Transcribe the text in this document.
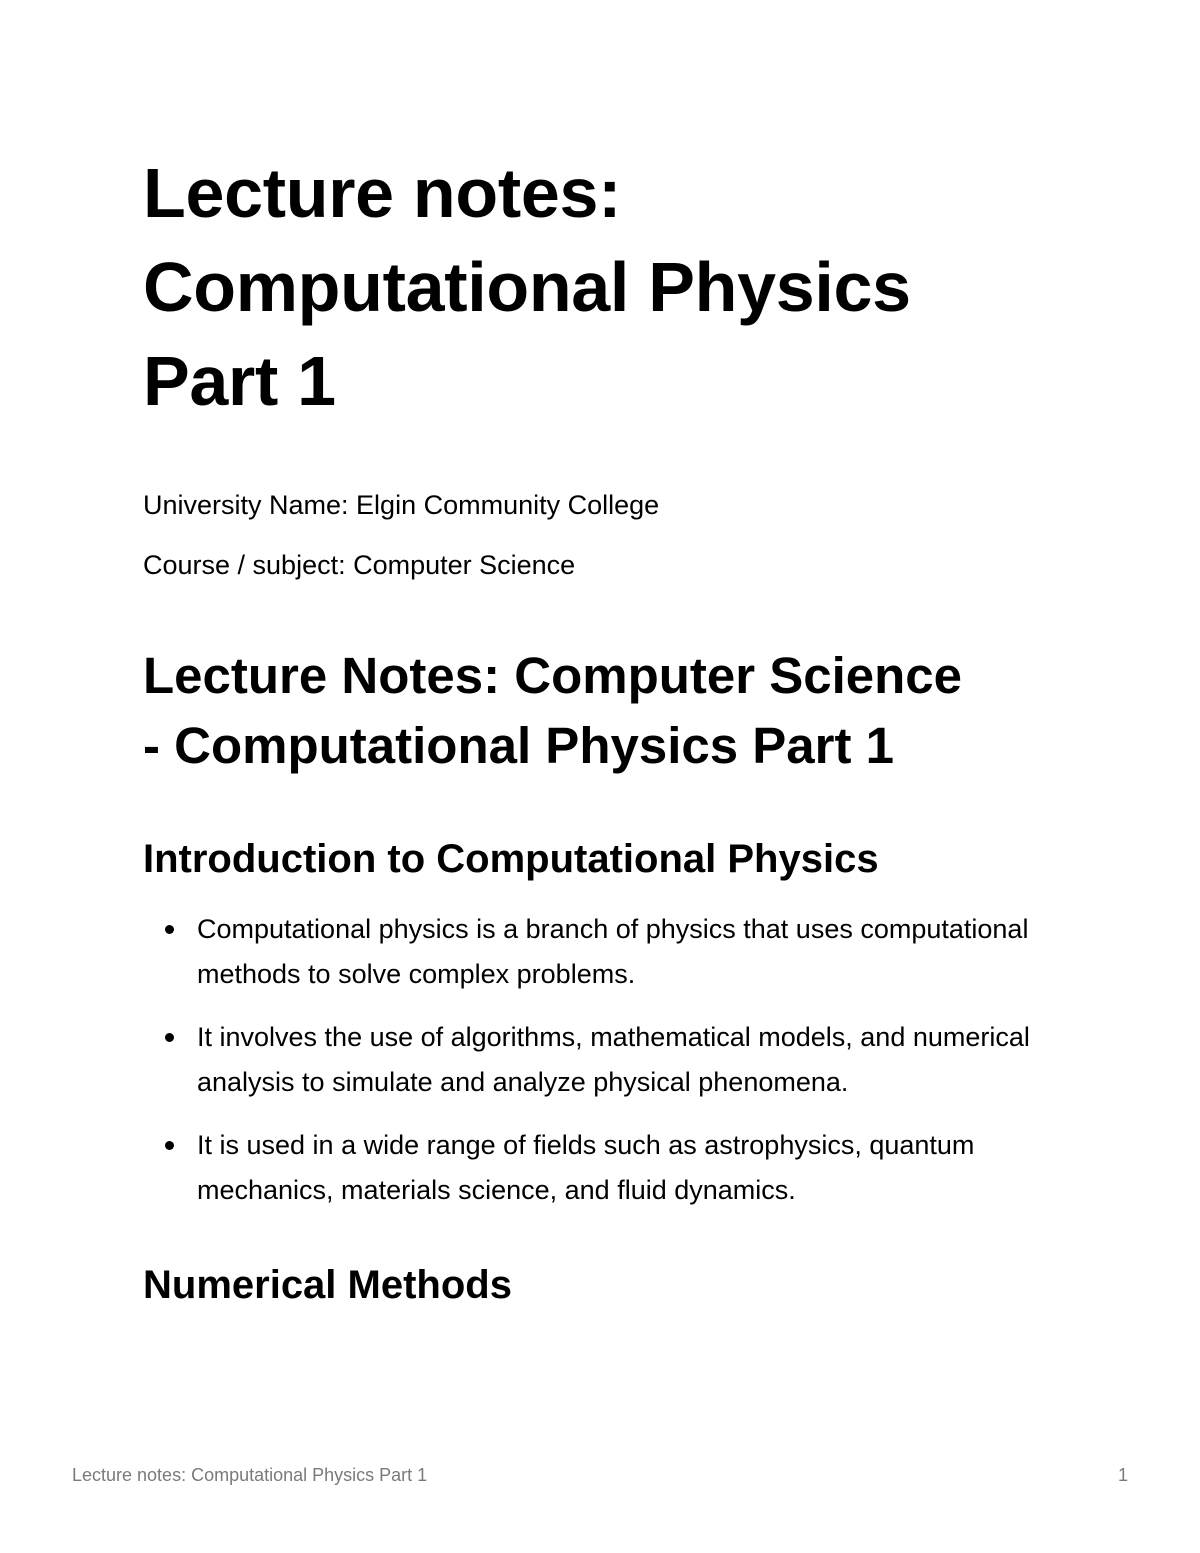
Lecture notes:
Computational Physics
Part 1

University Name: Elgin Community College

Course / subject: Computer Science

Lecture Notes: Computer Science
- Computational Physics Part 1
Introduction to Computational Physics
Computational physics is a branch of physics that uses computational methods to solve complex problems.
It involves the use of algorithms, mathematical models, and numerical analysis to simulate and analyze physical phenomena.
It is used in a wide range of fields such as astrophysics, quantum mechanics, materials science, and fluid dynamics.
Numerical Methods
Lecture notes: Computational Physics Part 1	1
